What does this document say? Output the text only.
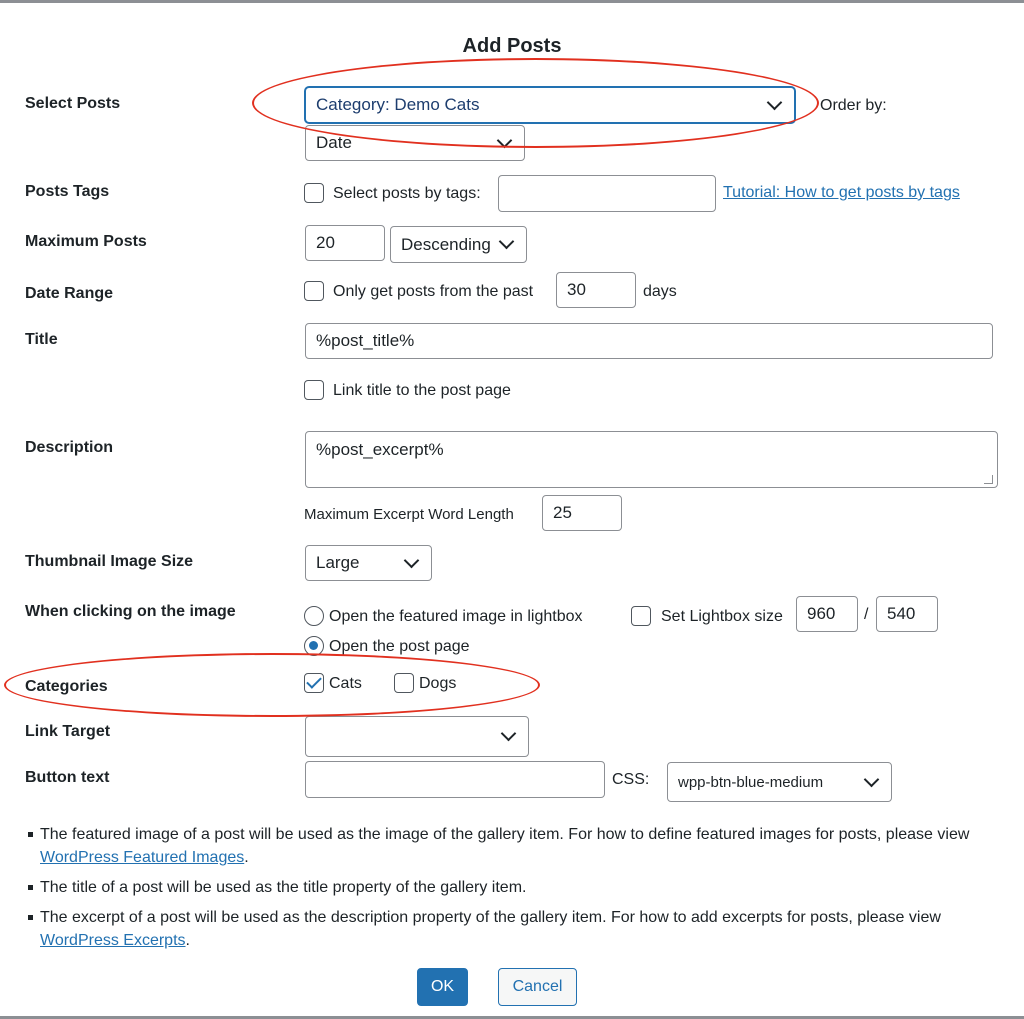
Add Posts
Select Posts	Category: Demo Cats	Order by:
Date
Posts Tags	Select posts by tags:	Tutorial: How to get posts by tags
Maximum Posts	20	Descending
Date Range	Only get posts from the past	30	days
Title	%post_title%
Link title to the post page
Description	%post_excerpt%
Maximum Excerpt Word Length	25
Thumbnail Image Size	Large
When clicking on the image	Open the featured image in lightbox	Set Lightbox size	960	/	540
Open the post page
Categories	Cats	Dogs
Link Target
Button text	CSS: wpp-btn-blue-medium
The featured image of a post will be used as the image of the gallery item. For how to define featured images for posts, please view WordPress Featured Images.
The title of a post will be used as the title property of the gallery item.
The excerpt of a post will be used as the description property of the gallery item. For how to add excerpts for posts, please view WordPress Excerpts.
OK	Cancel
